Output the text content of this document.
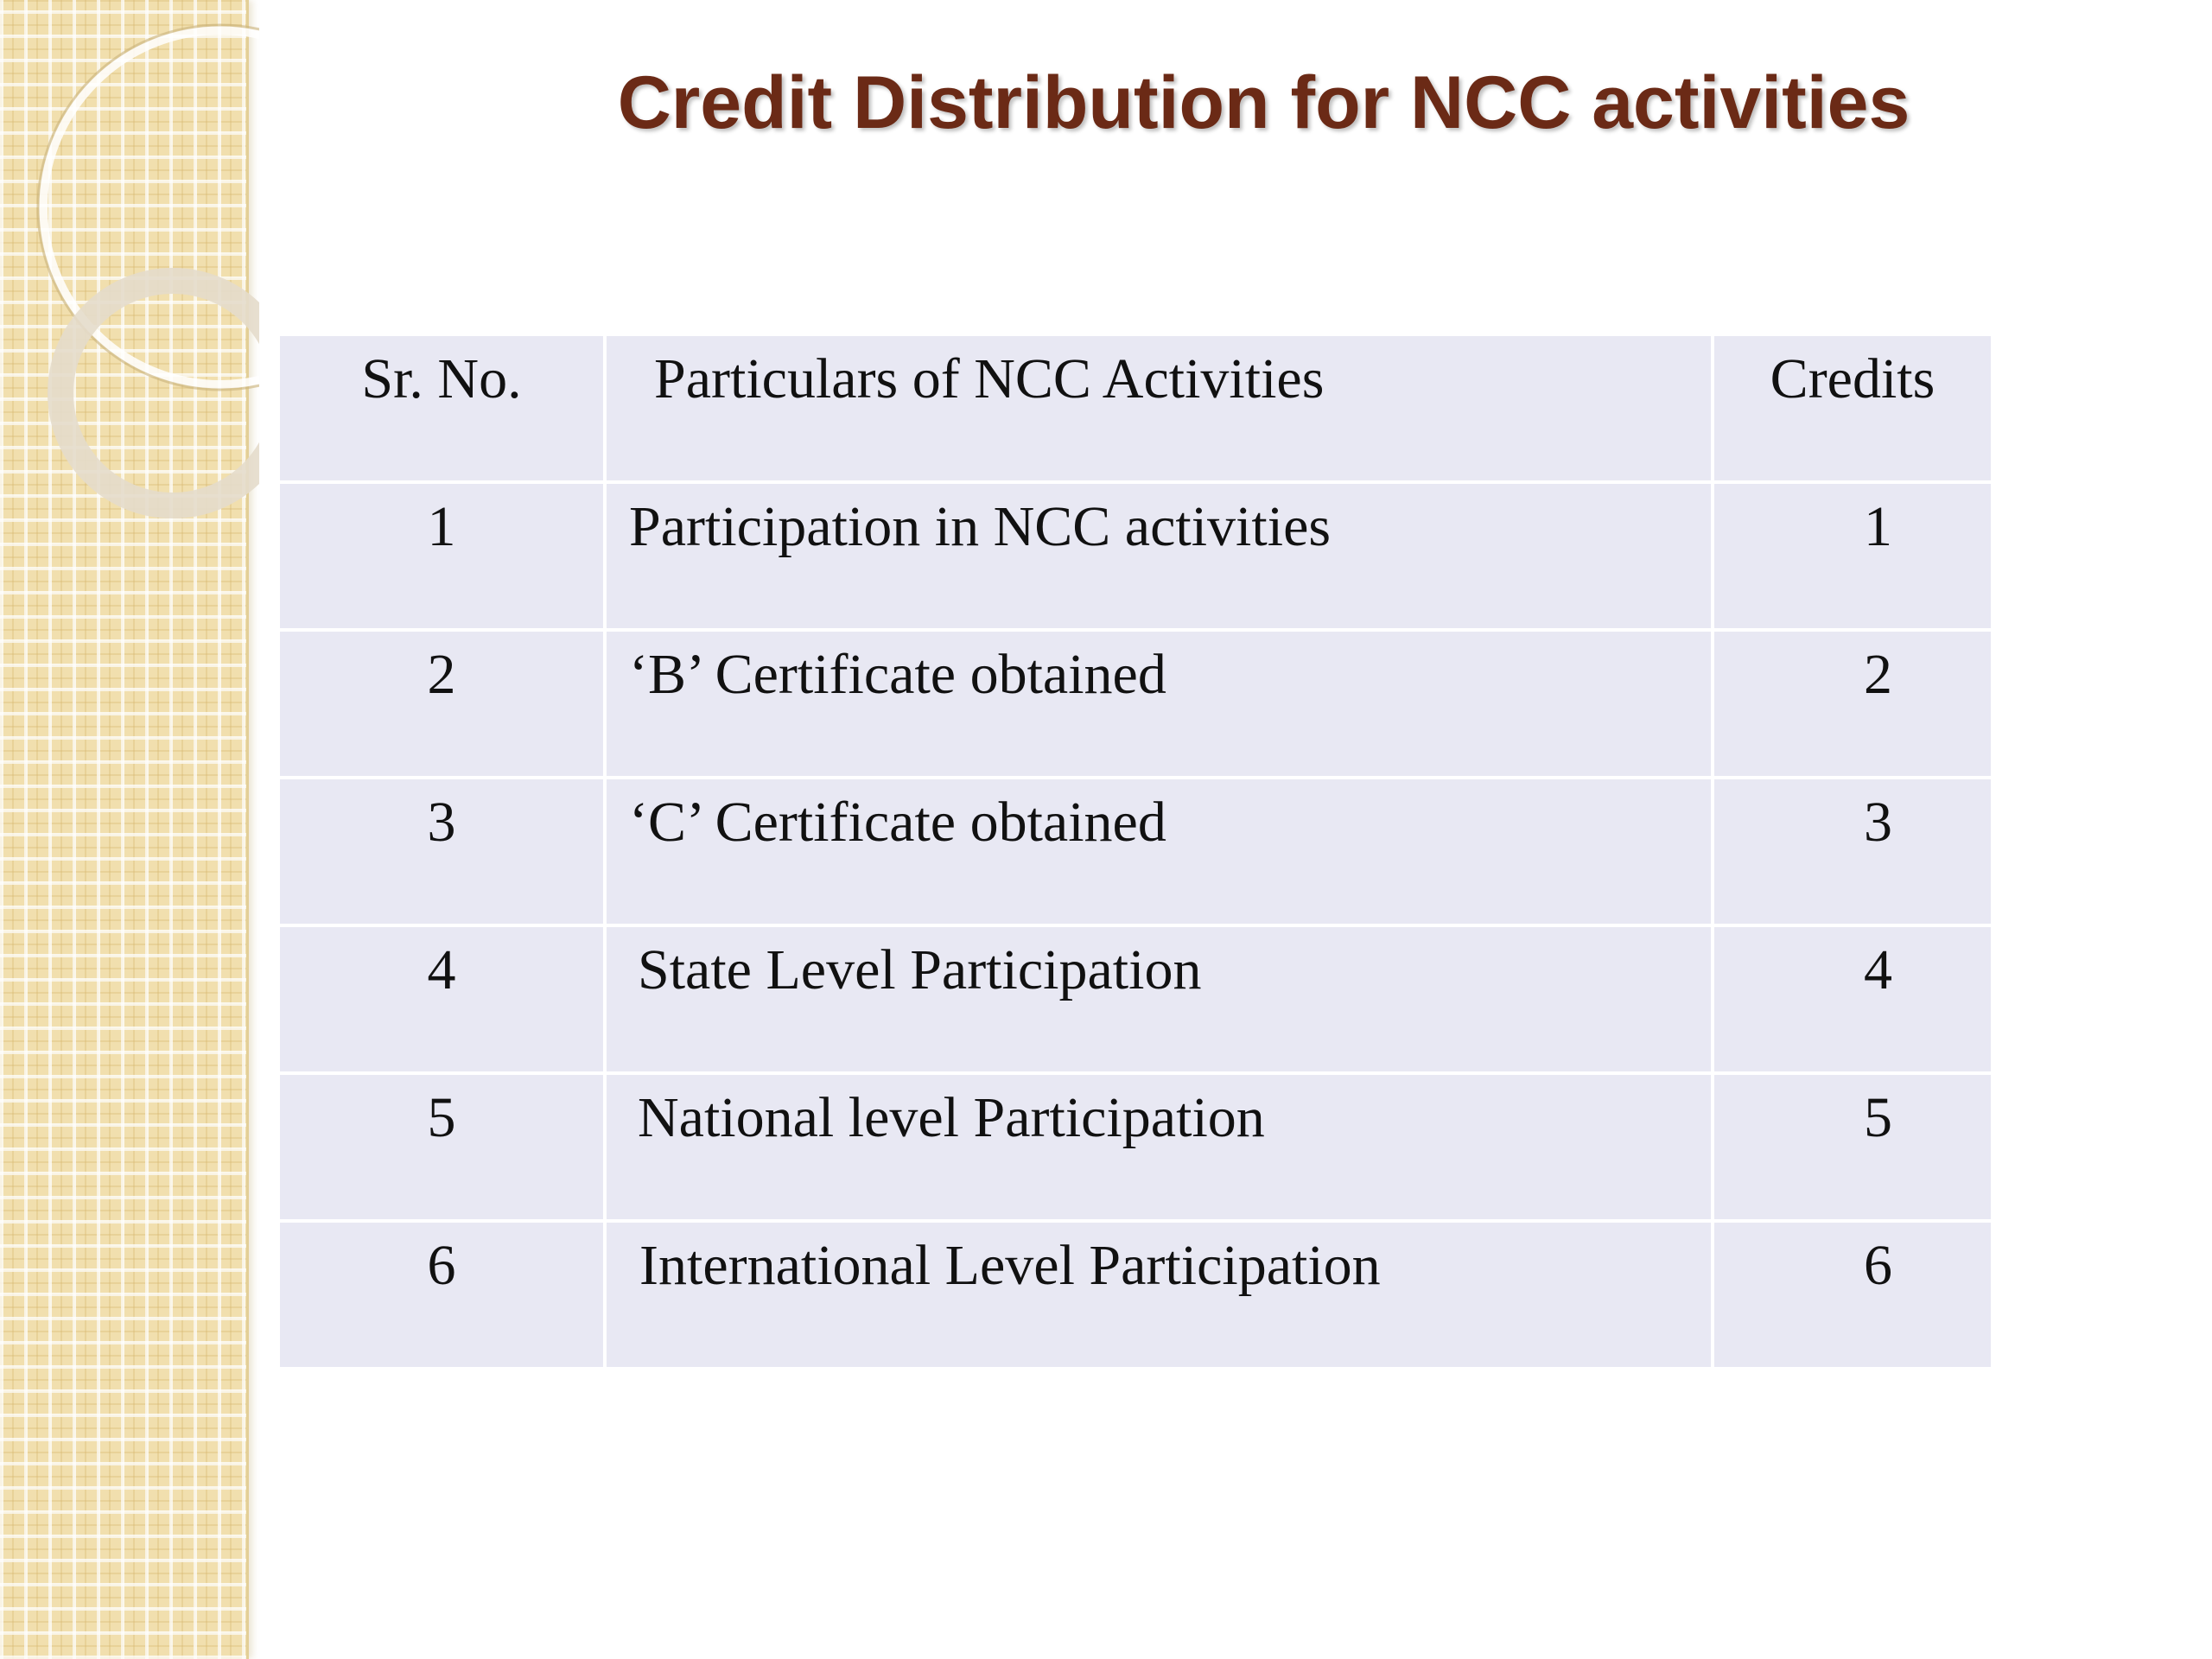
Credit Distribution for NCC activities
Sr. No.	Particulars of NCC Activities	Credits
1	Participation in NCC activities	1
2	‘B’ Certificate obtained	2
3	‘C’ Certificate obtained	3
4	State Level Participation	4
5	National level Participation	5
6	International Level Participation	6
